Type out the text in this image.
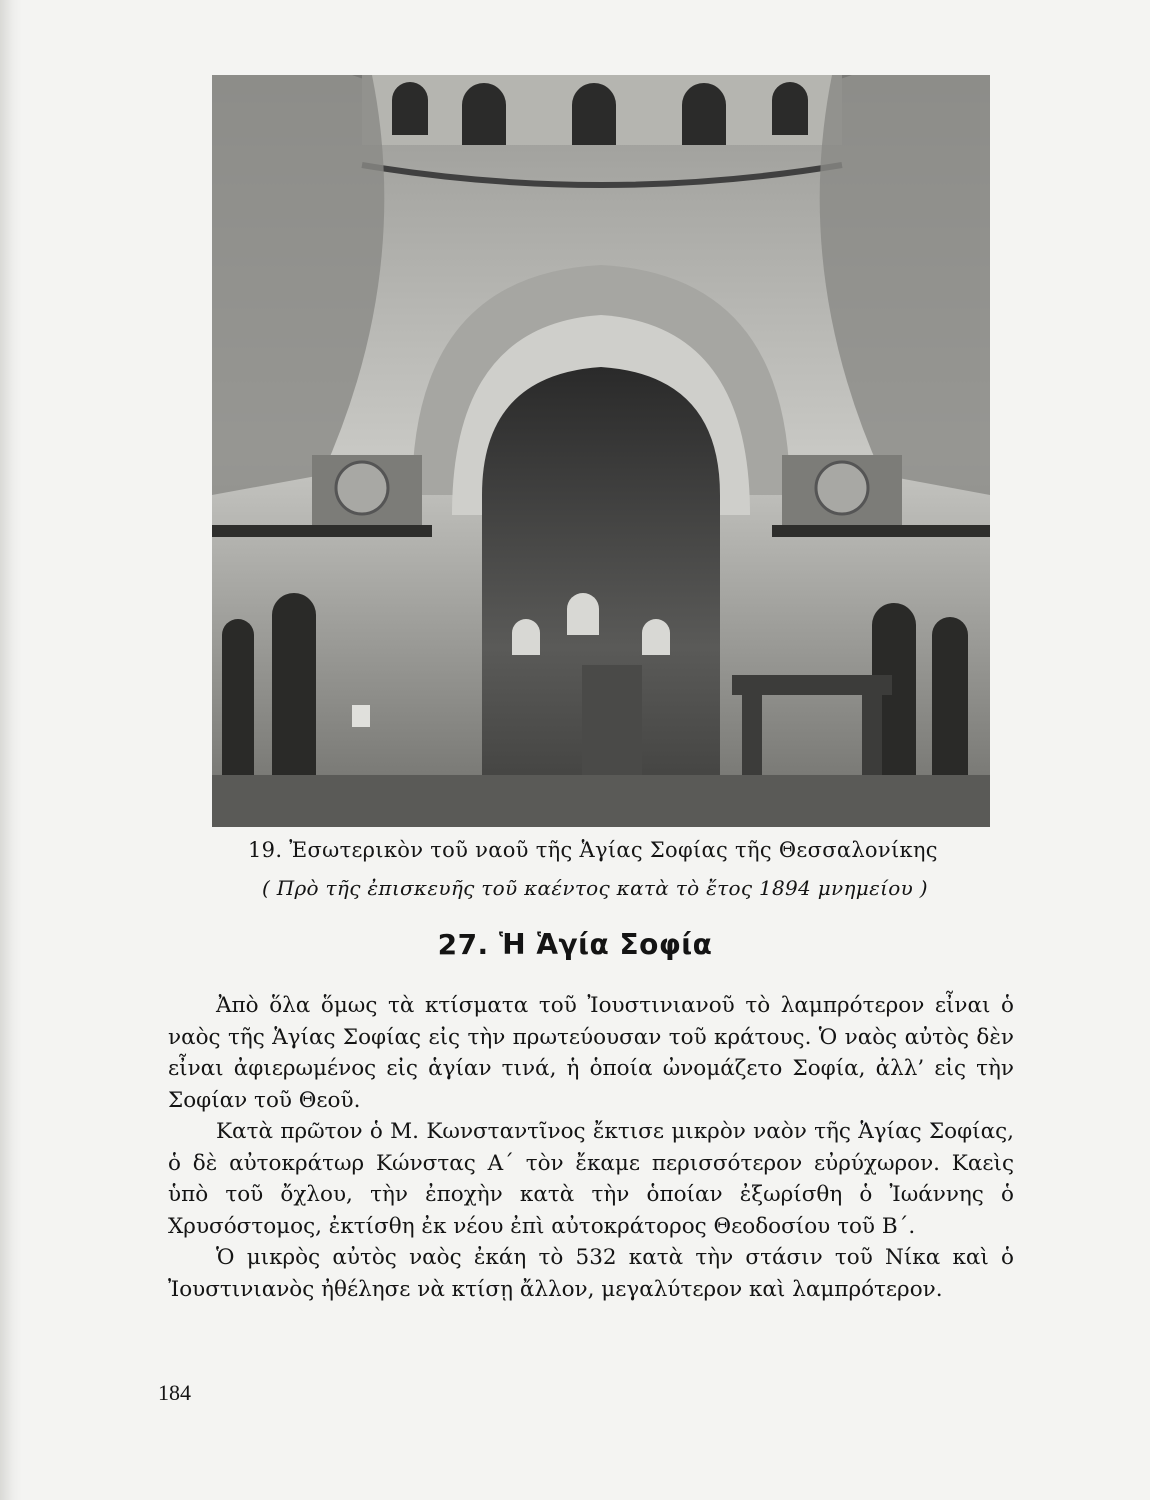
19. Ἐσωτερικὸν τοῦ ναοῦ τῆς Ἁγίας Σοφίας τῆς Θεσσαλονίκης
( Πρὸ τῆς ἐπισκευῆς τοῦ καέντος κατὰ τὸ ἔτος 1894 μνημείου )
27. Ἡ Ἁγία Σοφία

Ἀπὸ ὅλα ὅμως τὰ κτίσματα τοῦ Ἰουστινιανοῦ τὸ λαμπρότερον εἶναι ὁ ναὸς τῆς Ἁγίας Σοφίας εἰς τὴν πρωτεύουσαν τοῦ κράτους. Ὁ ναὸς αὐτὸς δὲν εἶναι ἀφιερωμένος εἰς ἁγίαν τινά, ἡ ὁποία ὠνομάζετο Σοφία, ἀλλ’ εἰς τὴν Σοφίαν τοῦ Θεοῦ.

Κατὰ πρῶτον ὁ Μ. Κωνσταντῖνος ἔκτισε μικρὸν ναὸν τῆς Ἁγίας Σοφίας, ὁ δὲ αὐτοκράτωρ Κώνστας Α΄ τὸν ἔκαμε περισσότερον εὐρύχωρον. Καεὶς ὑπὸ τοῦ ὄχλου, τὴν ἐποχὴν κατὰ τὴν ὁποίαν ἐξωρίσθη ὁ Ἰωάννης ὁ Χρυσόστομος, ἐκτίσθη ἐκ νέου ἐπὶ αὐτοκράτορος Θεοδοσίου τοῦ Β΄.

Ὁ μικρὸς αὐτὸς ναὸς ἐκάη τὸ 532 κατὰ τὴν στάσιν τοῦ Νίκα καὶ ὁ Ἰουστινιανὸς ἠθέλησε νὰ κτίσῃ ἄλλον, μεγαλύτερον καὶ λαμπρότερον.

184
